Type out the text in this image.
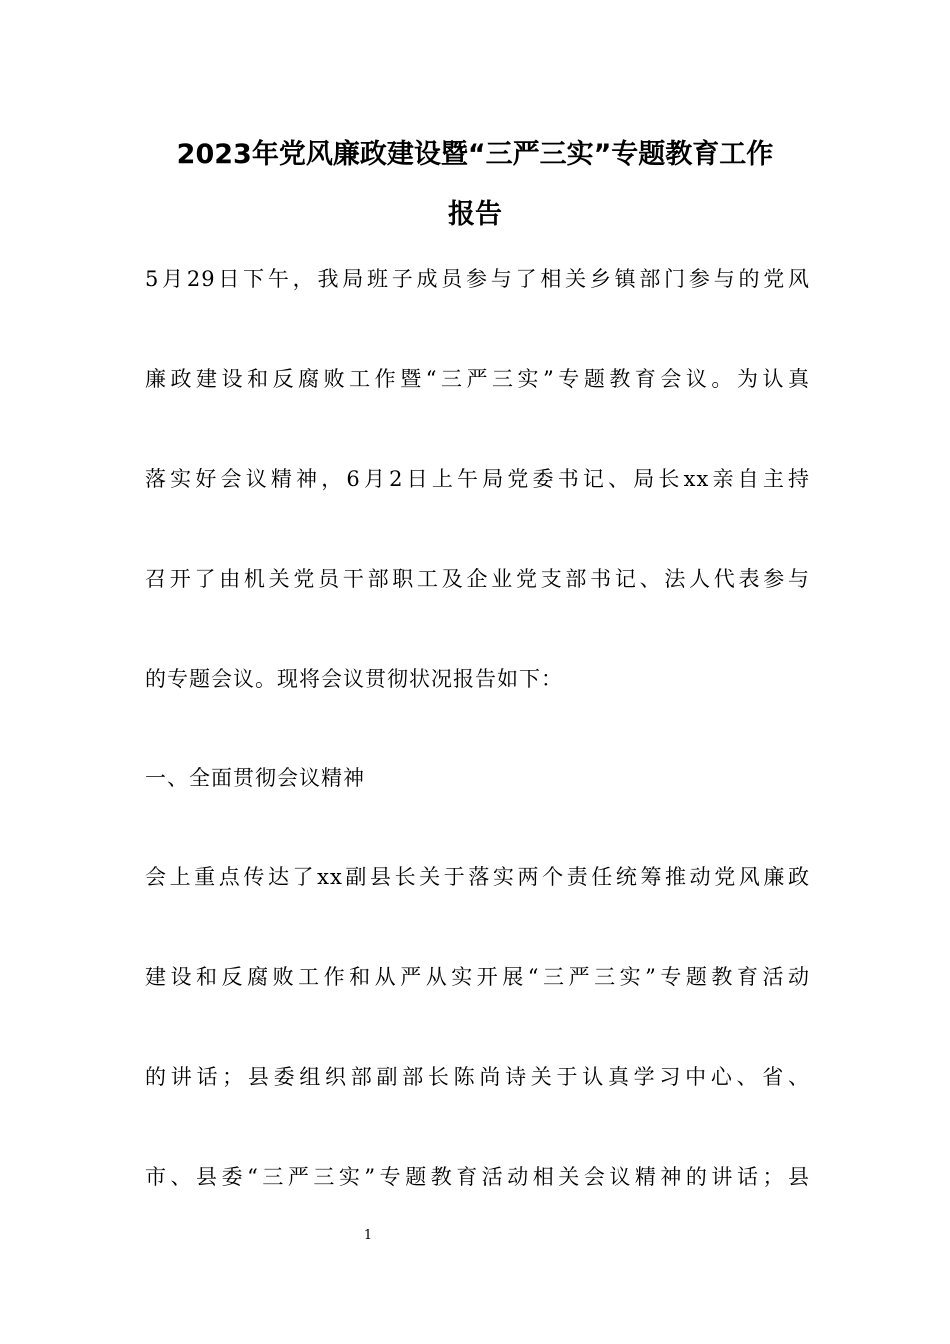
2023年党风廉政建设暨“三严三实”专题教育工作
报告
5月29日下午，我局班子成员参与了相关乡镇部门参与的党风
廉政建设和反腐败工作暨“三严三实”专题教育会议。为认真
落实好会议精神，6月2日上午局党委书记、局长xx亲自主持
召开了由机关党员干部职工及企业党支部书记、法人代表参与
的专题会议。现将会议贯彻状况报告如下：
一、全面贯彻会议精神
会上重点传达了xx副县长关于落实两个责任统筹推动党风廉政
建设和反腐败工作和从严从实开展“三严三实”专题教育活动
的讲话；县委组织部副部长陈尚诗关于认真学习中心、省、
市、县委“三严三实”专题教育活动相关会议精神的讲话；县
1
